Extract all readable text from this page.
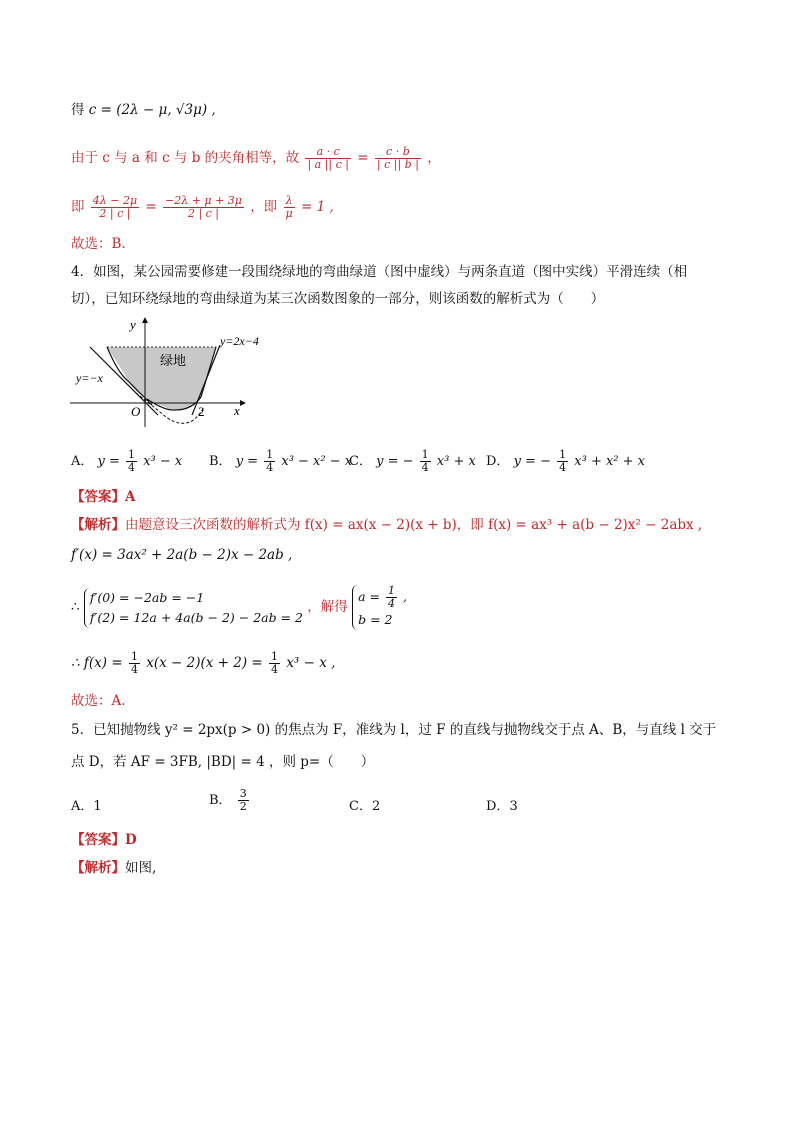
得 c = (2λ − μ, √3μ) ,
由于 c 与 a 和 c 与 b 的夹角相等，故 $\frac{a \cdot c}{| a || c |} = \frac{c \cdot b}{| c || b |}$ ，
即 $\frac{4\lambda - 2\mu}{2 | c |} = \frac{-2\lambda + \mu + 3\mu}{2 | c |}$ ，即 $\frac{\lambda}{\mu} = 1$ ,
故选：B.
4．如图，某公园需要修建一段围绕绿地的弯曲绿道（图中虚线）与两条直道（图中实线）平滑连续（相
切），已知环绕绿地的弯曲绿道为某三次函数图象的一部分，则该函数的解析式为（　　）
y
x
O	2
y=2x−4
y=−x
绿地
A． $y = \frac{1}{4} x^3 - x$ B． $y = \frac{1}{4} x^3 - x^2 - x$
C． y = − $\frac{1}{4} x^3 + x$ D． y = − $\frac{1}{4} x^3 + x^2 + x$
【答案】A
【解析】由题意设三次函数的解析式为 f(x) = ax(x − 2)(x + b)，即 f(x) = ax³ + a(b − 2)x² − 2abx ,
f′(x) = 3ax² + 2a(b − 2)x − 2ab ,
∴
f′(0) = −2ab = −1
f′(2) = 12a + 4a(b − 2) − 2ab = 2
，解得
$a = \frac{1}{4}$ ,
b = 2
∴ $f(x) = \frac{1}{4} x(x - 2)(x + 2) = \frac{1}{4} x^3 - x$ ,
故选：A.
5．已知抛物线 y² = 2px(p > 0) 的焦点为 F，准线为 l，过 F 的直线与抛物线交于点 A、B，与直线 l 交于
点 D，若 AF = 3FB, |BD| = 4 ，则 p=（　　）
A．1	B． $\frac{3}{2}$	C．2	D．3
【答案】D
【解析】如图,
